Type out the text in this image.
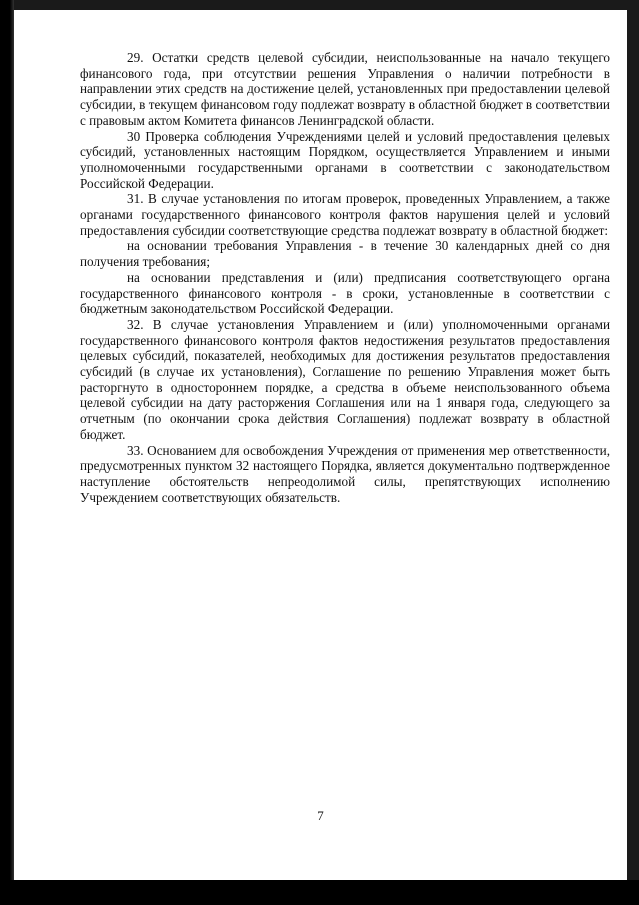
29. Остатки средств целевой субсидии, неиспользованные на начало текущего финансового года, при отсутствии решения Управления о наличии потребности в направлении этих средств на достижение целей, установленных при предоставлении целевой субсидии, в текущем финансовом году подлежат возврату в областной бюджет в соответствии с правовым актом Комитета финансов Ленинградской области.

30 Проверка соблюдения Учреждениями целей и условий предоставления целевых субсидий, установленных настоящим Порядком, осуществляется Управлением и иными уполномоченными государственными органами в соответствии с законодательством Российской Федерации.

31. В случае установления по итогам проверок, проведенных Управлением, а также органами государственного финансового контроля фактов нарушения целей и условий предоставления субсидии соответствующие средства подлежат возврату в областной бюджет:

на основании требования Управления - в течение 30 календарных дней со дня получения требования;

на основании представления и (или) предписания соответствующего органа государственного финансового контроля - в сроки, установленные в соответствии с бюджетным законодательством Российской Федерации.

32. В случае установления Управлением и (или) уполномоченными органами государственного финансового контроля фактов недостижения результатов предоставления целевых субсидий, показателей, необходимых для достижения результатов предоставления субсидий (в случае их установления), Соглашение по решению Управления может быть расторгнуто в одностороннем порядке, а средства в объеме неиспользованного объема целевой субсидии на дату расторжения Соглашения или на 1 января года, следующего за отчетным (по окончании срока действия Соглашения) подлежат возврату в областной бюджет.

33. Основанием для освобождения Учреждения от применения мер ответственности, предусмотренных пунктом 32 настоящего Порядка, является документально подтвержденное наступление обстоятельств непреодолимой силы, препятствующих исполнению Учреждением соответствующих обязательств.

7
